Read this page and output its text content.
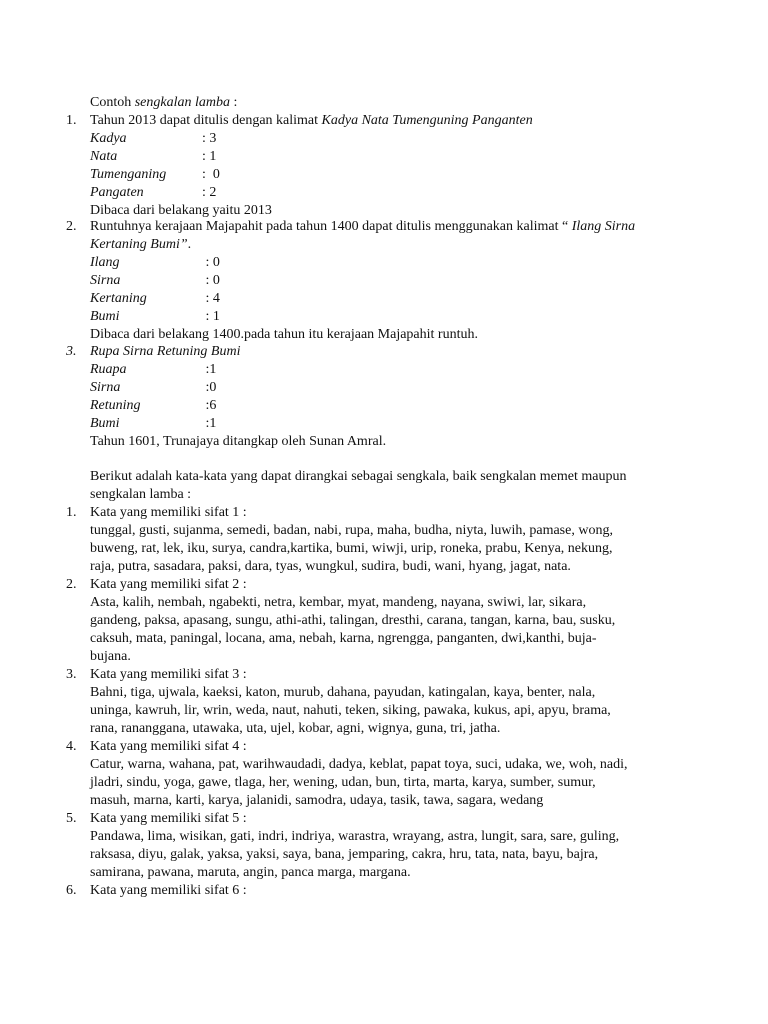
Contoh sengkalan lamba :
1. Tahun 2013 dapat ditulis dengan kalimat Kadya Nata Tumenguning Panganten
Kadya	: 3
Nata	: 1
Tumenganing	:  0
Pangaten	: 2
Dibaca dari belakang yaitu 2013
2. Runtuhnya kerajaan Majapahit pada tahun 1400 dapat ditulis menggunakan kalimat “ Ilang Sirna Kertaning Bumi”.
Ilang	: 0
Sirna	: 0
Kertaning	: 4
Bumi	: 1
Dibaca dari belakang 1400.pada tahun itu kerajaan Majapahit runtuh.
3. Rupa Sirna Retuning Bumi
Ruapa	:1
Sirna	:0
Retuning	:6
Bumi	:1
Tahun 1601, Trunajaya ditangkap oleh Sunan Amral.
Berikut adalah kata-kata yang dapat dirangkai sebagai sengkala, baik sengkalan memet maupun
sengkalan lamba :
1. Kata yang memiliki sifat 1 :
tunggal, gusti, sujanma, semedi, badan, nabi, rupa, maha, budha, niyta, luwih, pamase, wong,
buweng, rat, lek, iku, surya, candra,kartika, bumi, wiwji, urip, roneka, prabu, Kenya, nekung,
raja, putra, sasadara, paksi, dara, tyas, wungkul, sudira, budi, wani, hyang, jagat, nata.
2. Kata yang memiliki sifat 2 :
Asta, kalih, nembah, ngabekti, netra, kembar, myat, mandeng, nayana, swiwi, lar, sikara,
gandeng, paksa, apasang, sungu, athi-athi, talingan, dresthi, carana, tangan, karna, bau, susku,
caksuh, mata, paningal, locana, ama, nebah, karna, ngrengga, panganten, dwi,kanthi, buja-
bujana.
3. Kata yang memiliki sifat 3 :
Bahni, tiga, ujwala, kaeksi, katon, murub, dahana, payudan, katingalan, kaya, benter, nala,
uninga, kawruh, lir, wrin, weda, naut, nahuti, teken, siking, pawaka, kukus, api, apyu, brama,
rana, rananggana, utawaka, uta, ujel, kobar, agni, wignya, guna, tri, jatha.
4. Kata yang memiliki sifat 4 :
Catur, warna, wahana, pat, warihwaudadi, dadya, keblat, papat toya, suci, udaka, we, woh, nadi,
jladri, sindu, yoga, gawe, tlaga, her, wening, udan, bun, tirta, marta, karya, sumber, sumur,
masuh, marna, karti, karya, jalanidi, samodra, udaya, tasik, tawa, sagara, wedang
5. Kata yang memiliki sifat 5 :
Pandawa, lima, wisikan, gati, indri, indriya, warastra, wrayang, astra, lungit, sara, sare, guling,
raksasa, diyu, galak, yaksa, yaksi, saya, bana, jemparing, cakra, hru, tata, nata, bayu, bajra,
samirana, pawana, maruta, angin, panca marga, margana.
6. Kata yang memiliki sifat 6 :
